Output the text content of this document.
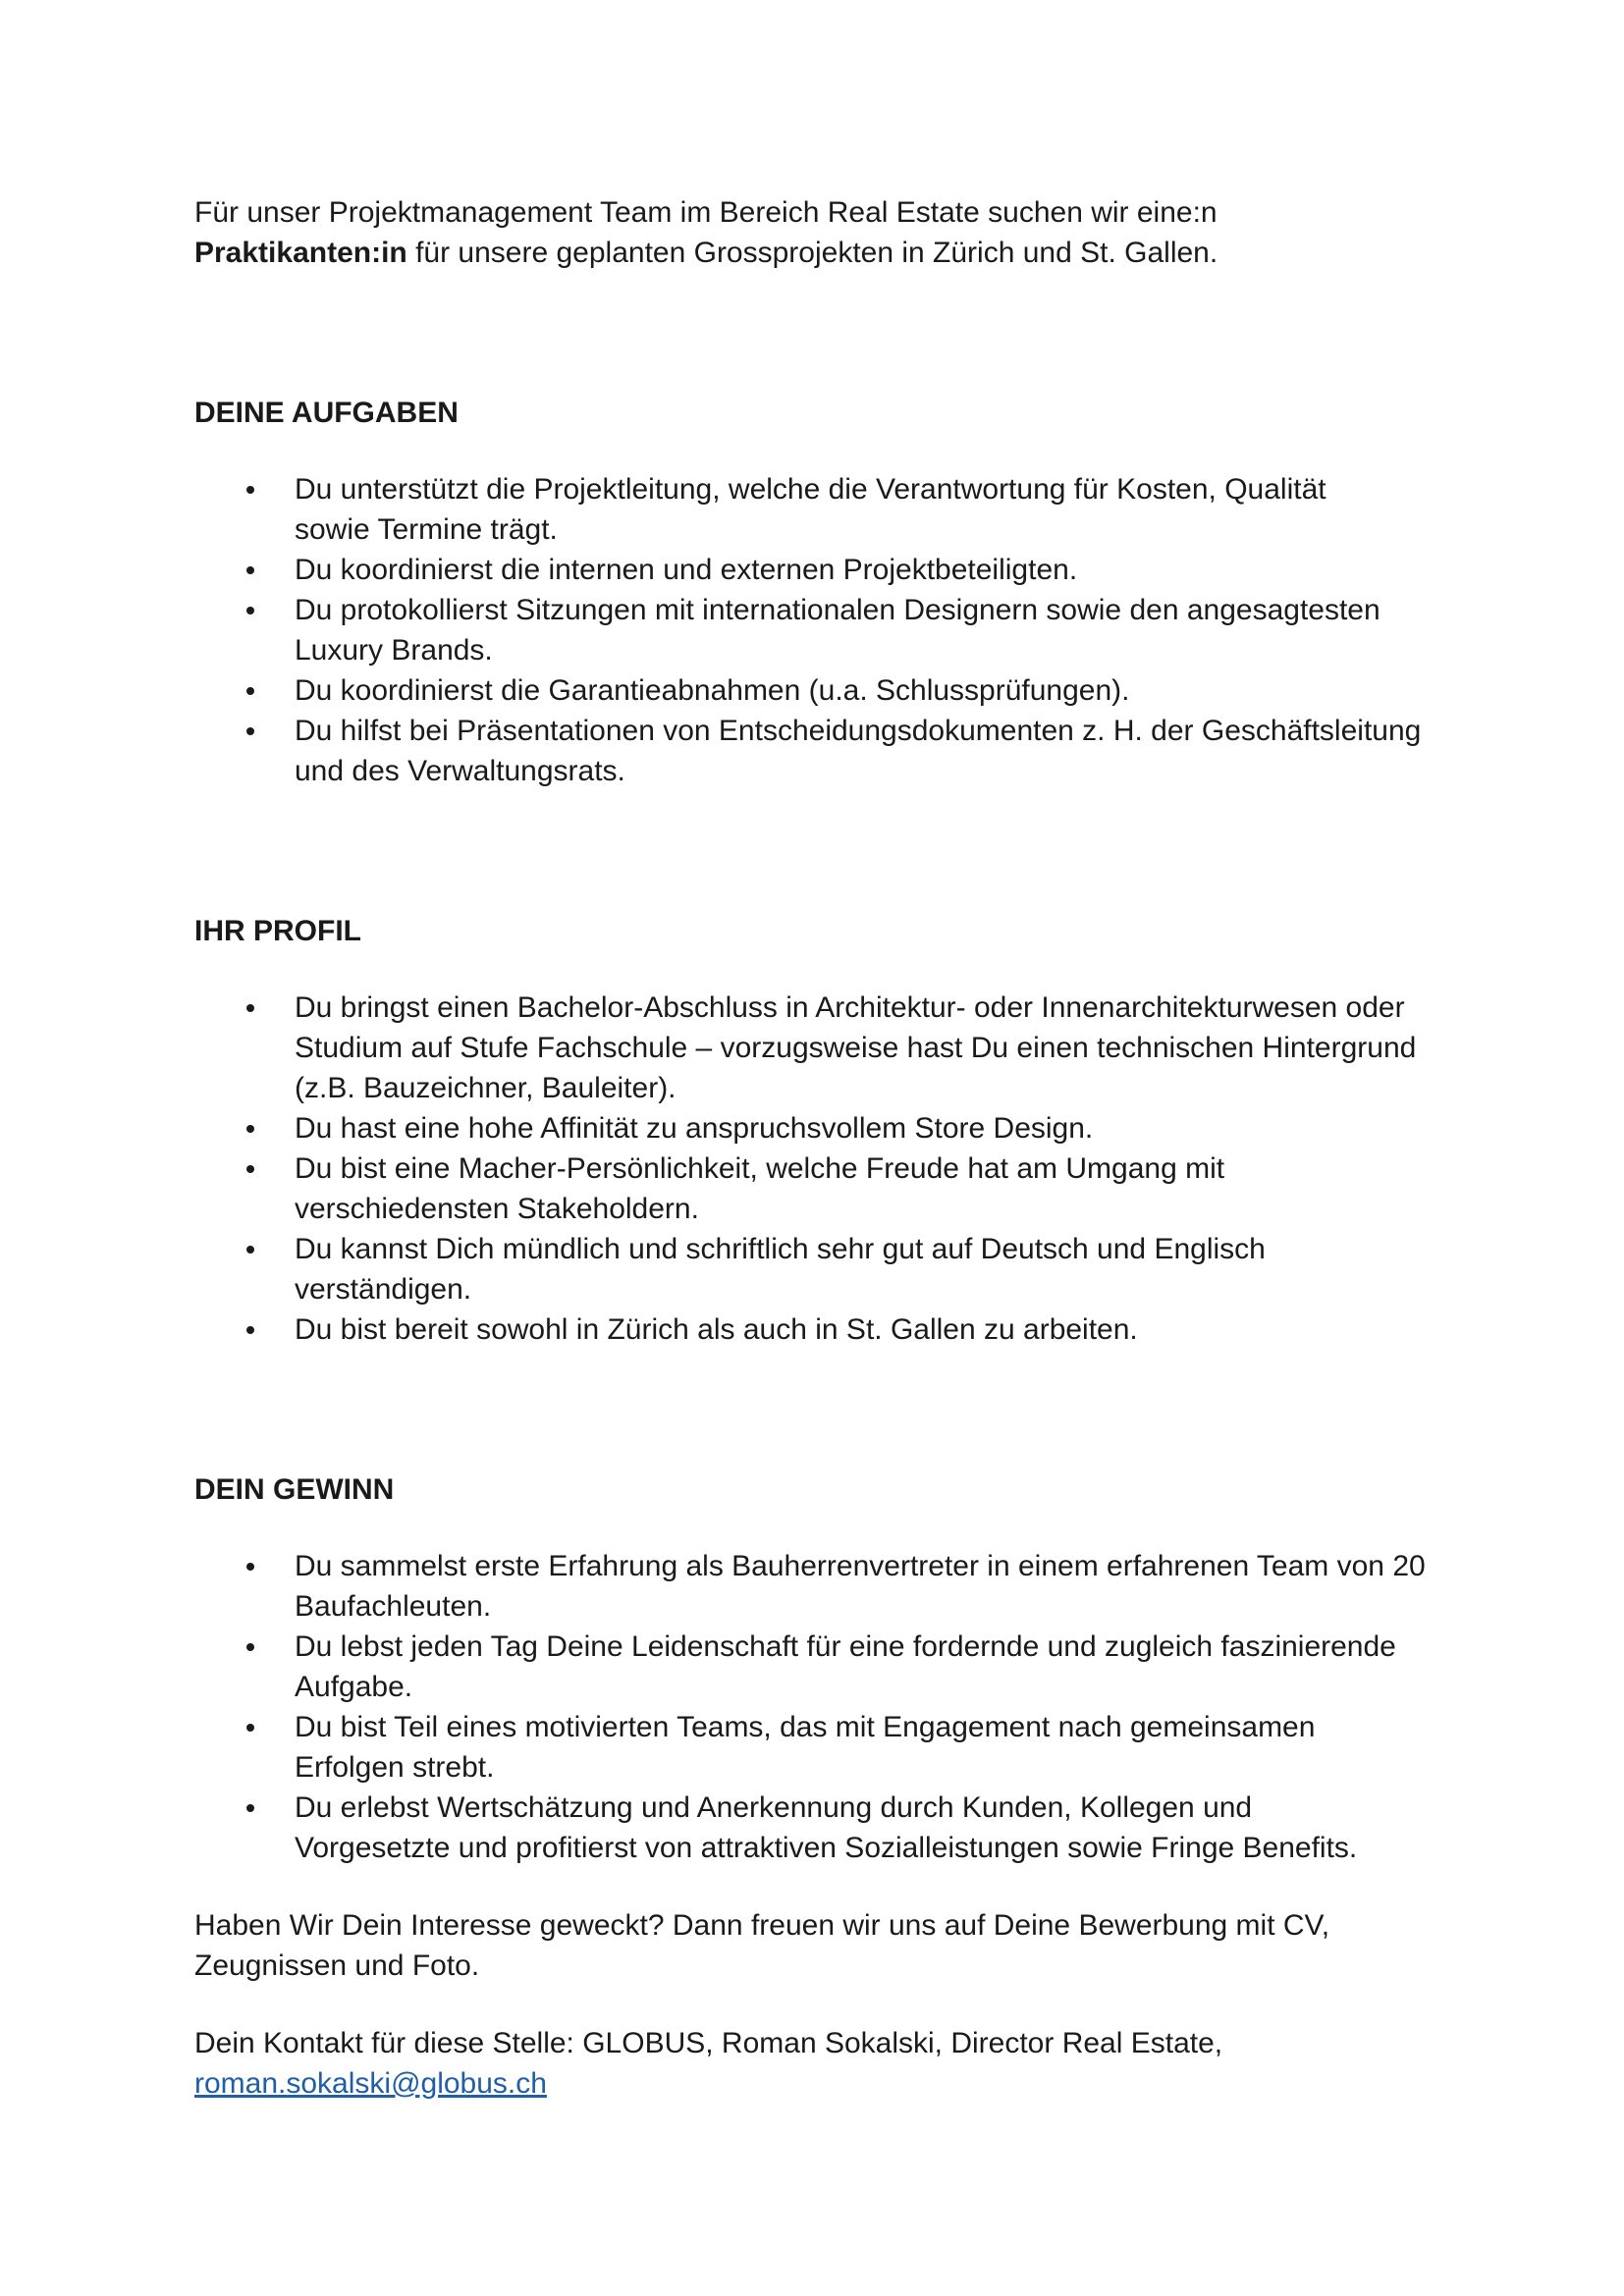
Für unser Projektmanagement Team im Bereich Real Estate suchen wir eine:n

Praktikanten:in für unsere geplanten Grossprojekten in Zürich und St. Gallen.

DEINE AUFGABEN

Du unterstützt die Projektleitung, welche die Verantwortung für Kosten, Qualität
sowie Termine trägt.
Du koordinierst die internen und externen Projektbeteiligten.
Du protokollierst Sitzungen mit internationalen Designern sowie den angesagtesten
Luxury Brands.
Du koordinierst die Garantieabnahmen (u.a. Schlussprüfungen).
Du hilfst bei Präsentationen von Entscheidungsdokumenten z. H. der Geschäftsleitung
und des Verwaltungsrats.

IHR PROFIL

Du bringst einen Bachelor-Abschluss in Architektur- oder Innenarchitekturwesen oder
Studium auf Stufe Fachschule – vorzugsweise hast Du einen technischen Hintergrund
(z.B. Bauzeichner, Bauleiter).
Du hast eine hohe Affinität zu anspruchsvollem Store Design.
Du bist eine Macher-Persönlichkeit, welche Freude hat am Umgang mit
verschiedensten Stakeholdern.
Du kannst Dich mündlich und schriftlich sehr gut auf Deutsch und Englisch
verständigen.
Du bist bereit sowohl in Zürich als auch in St. Gallen zu arbeiten.

DEIN GEWINN

Du sammelst erste Erfahrung als Bauherrenvertreter in einem erfahrenen Team von 20
Baufachleuten.
Du lebst jeden Tag Deine Leidenschaft für eine fordernde und zugleich faszinierende
Aufgabe.
Du bist Teil eines motivierten Teams, das mit Engagement nach gemeinsamen
Erfolgen strebt.
Du erlebst Wertschätzung und Anerkennung durch Kunden, Kollegen und
Vorgesetzte und profitierst von attraktiven Sozialleistungen sowie Fringe Benefits.

Haben Wir Dein Interesse geweckt? Dann freuen wir uns auf Deine Bewerbung mit CV,

Zeugnissen und Foto.

Dein Kontakt für diese Stelle: GLOBUS, Roman Sokalski, Director Real Estate,

roman.sokalski@globus.ch
